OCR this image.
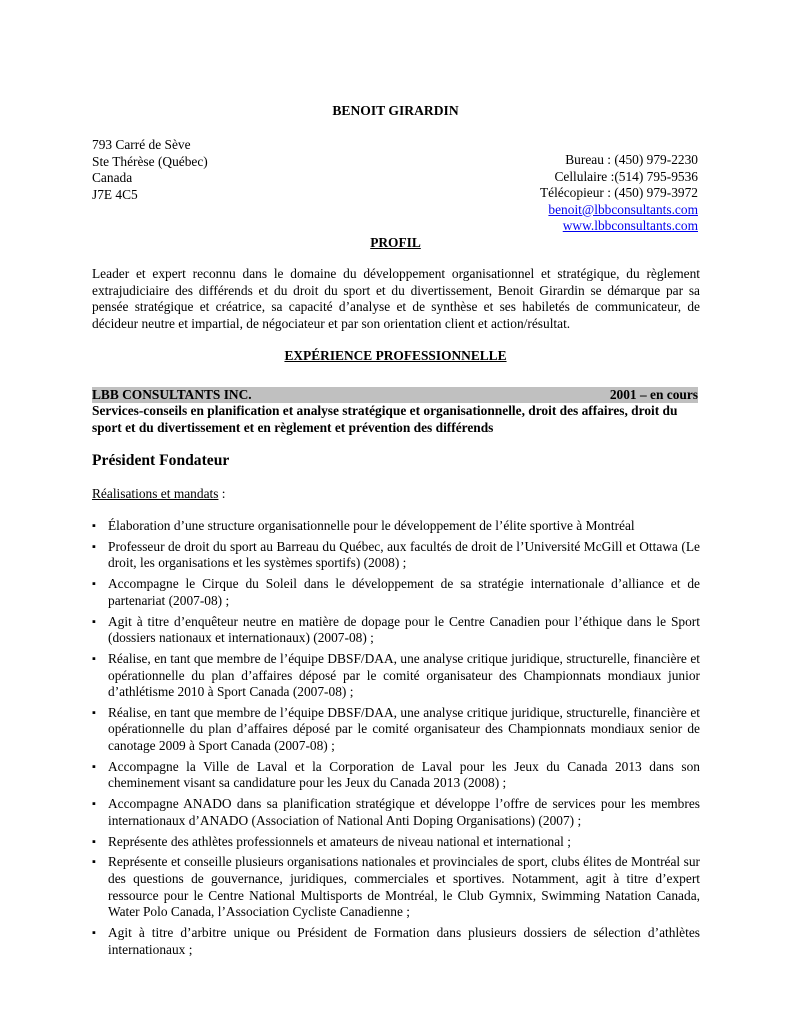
BENOIT GIRARDIN
793 Carré de Sève
Ste Thérèse (Québec)
Canada
J7E 4C5
Bureau : (450) 979-2230
Cellulaire :(514) 795-9536
Télécopieur : (450) 979-3972
benoit@lbbconsultants.com
www.lbbconsultants.com
PROFIL
Leader et expert reconnu dans le domaine du développement organisationnel et stratégique, du règlement extrajudiciaire des différends et du droit du sport et du divertissement, Benoit Girardin se démarque par sa pensée stratégique et créatrice, sa capacité d’analyse et de synthèse et ses habiletés de communicateur, de décideur neutre et impartial, de négociateur et par son orientation client et action/résultat.
EXPÉRIENCE PROFESSIONNELLE
LBB CONSULTANTS INC.	2001 – en cours
Services-conseils en planification et analyse stratégique et organisationnelle, droit des affaires, droit du sport et du divertissement et en règlement et prévention des différends
Président Fondateur
Réalisations et mandats :
▪ Élaboration d’une structure organisationnelle pour le développement de l’élite sportive à Montréal
▪ Professeur de droit du sport au Barreau du Québec, aux facultés de droit de l’Université McGill et Ottawa (Le droit, les organisations et les systèmes sportifs) (2008) ;
▪ Accompagne le Cirque du Soleil dans le développement de sa stratégie internationale d’alliance et de partenariat (2007-08) ;
▪ Agit à titre d’enquêteur neutre en matière de dopage pour le Centre Canadien pour l’éthique dans le Sport (dossiers nationaux et internationaux) (2007-08) ;
▪ Réalise, en tant que membre de l’équipe DBSF/DAA, une analyse critique juridique, structurelle, financière et opérationnelle du plan d’affaires déposé par le comité organisateur des Championnats mondiaux junior d’athlétisme 2010 à Sport Canada (2007-08) ;
▪ Réalise, en tant que membre de l’équipe DBSF/DAA, une analyse critique juridique, structurelle, financière et opérationnelle du plan d’affaires déposé par le comité organisateur des Championnats mondiaux senior de canotage 2009 à Sport Canada (2007-08) ;
▪ Accompagne la Ville de Laval et la Corporation de Laval pour les Jeux du Canada 2013 dans son cheminement visant sa candidature pour les Jeux du Canada 2013 (2008) ;
▪ Accompagne ANADO dans sa planification stratégique et développe l’offre de services pour les membres internationaux d’ANADO (Association of National Anti Doping Organisations) (2007) ;
▪ Représente des athlètes professionnels et amateurs de niveau national et international ;
▪ Représente et conseille plusieurs organisations nationales et provinciales de sport, clubs élites de Montréal sur des questions de gouvernance, juridiques, commerciales et sportives. Notamment, agit à titre d’expert ressource pour le Centre National Multisports de Montréal, le Club Gymnix, Swimming Natation Canada, Water Polo Canada, l’Association Cycliste Canadienne ;
▪ Agit à titre d’arbitre unique ou Président de Formation dans plusieurs dossiers de sélection d’athlètes internationaux ;
